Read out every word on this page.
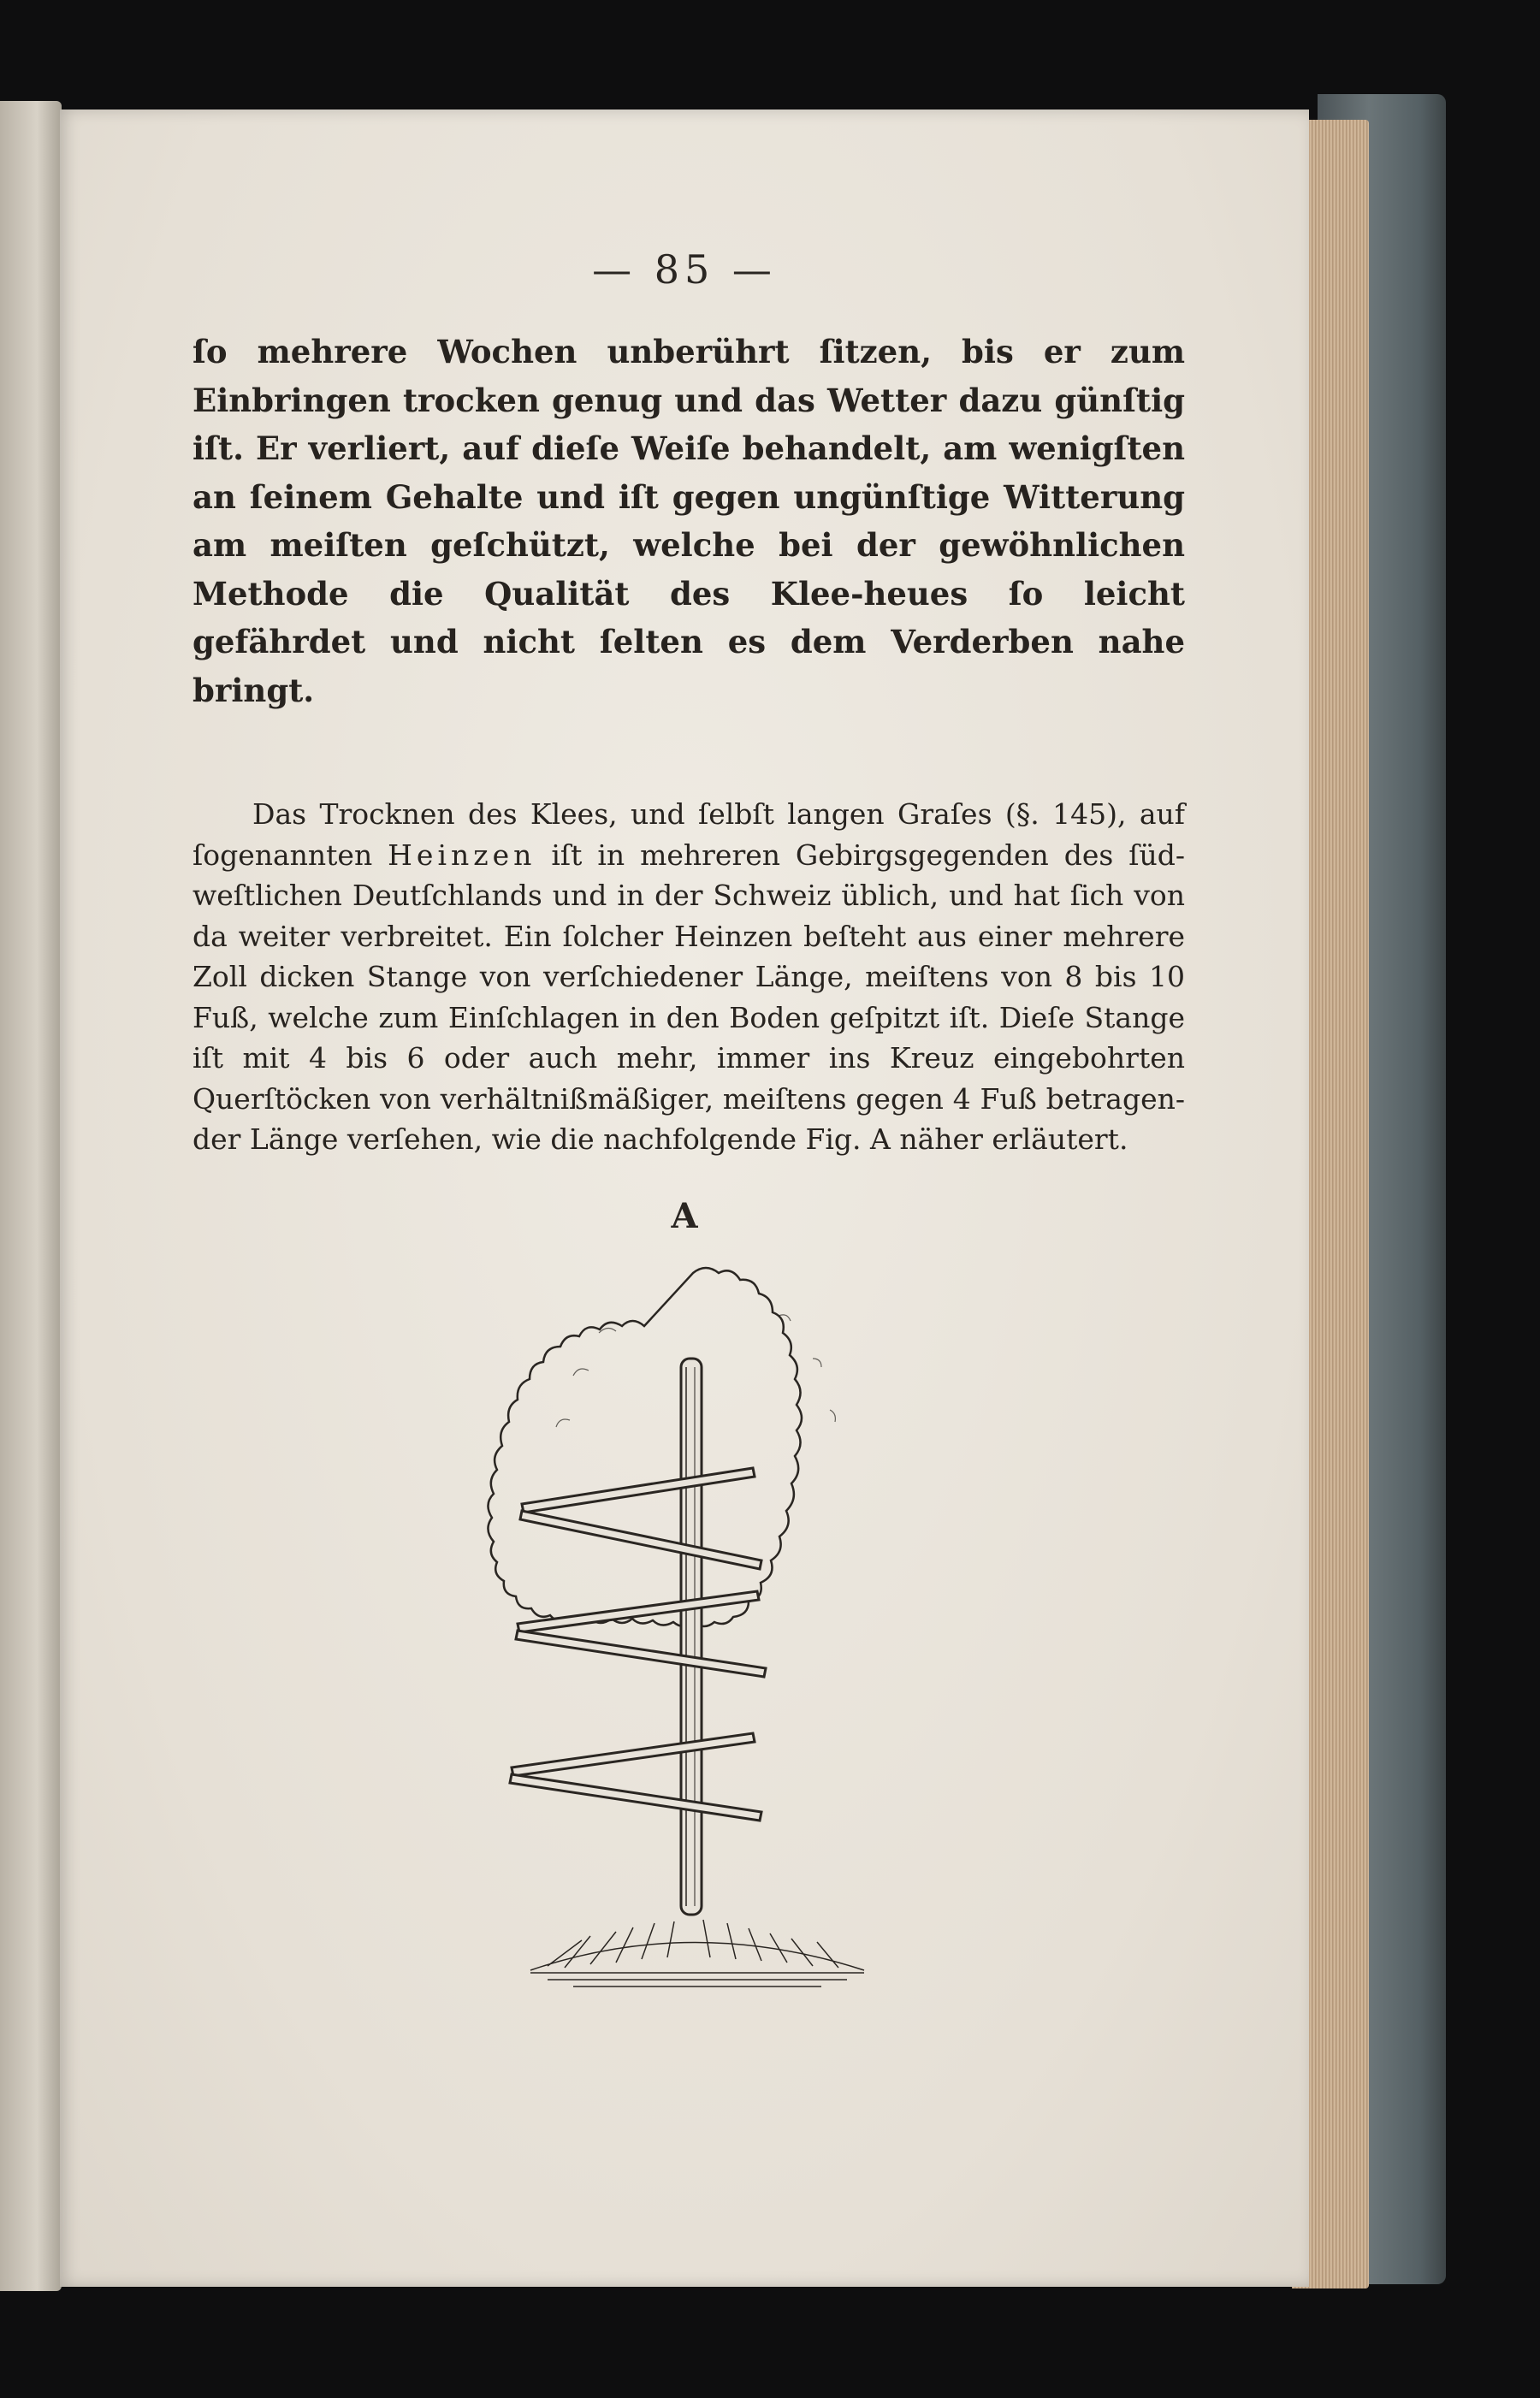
— 85 —
ſo mehrere Wochen unberührt ſitzen, bis er zum Einbringen trocken genug und das Wetter dazu günſtig iſt. Er verliert, auf dieſe Weiſe behandelt, am wenigſten an ſeinem Gehalte und iſt gegen ungünſtige Witterung am meiſten geſchützt, welche bei der gewöhnlichen Methode die Qualität des Klee-heues ſo leicht gefährdet und nicht ſelten es dem Verderben nahe bringt.
Das Trocknen des Klees, und ſelbſt langen Graſes (§. 145), auf ſogenannten Heinzen iſt in mehreren Gebirgsgegenden des ſüd-weſtlichen Deutſchlands und in der Schweiz üblich, und hat ſich von da weiter verbreitet. Ein ſolcher Heinzen beſteht aus einer mehrere Zoll dicken Stange von verſchiedener Länge, meiſtens von 8 bis 10 Fuß, welche zum Einſchlagen in den Boden geſpitzt iſt. Dieſe Stange iſt mit 4 bis 6 oder auch mehr, immer ins Kreuz eingebohrten Querſtöcken von verhältnißmäßiger, meiſtens gegen 4 Fuß betragen-der Länge verſehen, wie die nachfolgende Fig. A näher erläutert.
A
